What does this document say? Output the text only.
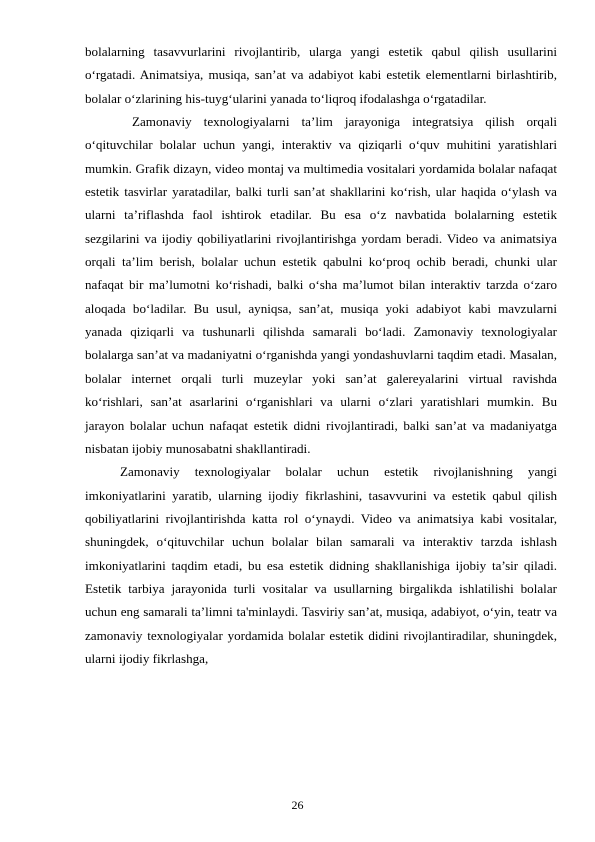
bolalarning tasavvurlarini rivojlantirib, ularga yangi estetik qabul qilish usullarini o‘rgatadi. Animatsiya, musiqa, san’at va adabiyot kabi estetik elementlarni birlashtirib, bolalar o‘zlarining his-tuyg‘ularini yanada to‘liqroq ifodalashga o‘rgatadilar.

Zamonaviy texnologiyalarni ta’lim jarayoniga integratsiya qilish orqali o‘qituvchilar bolalar uchun yangi, interaktiv va qiziqarli o‘quv muhitini yaratishlari mumkin. Grafik dizayn, video montaj va multimedia vositalari yordamida bolalar nafaqat estetik tasvirlar yaratadilar, balki turli san’at shakllarini ko‘rish, ular haqida o‘ylash va ularni ta’riflashda faol ishtirok etadilar. Bu esa o‘z navbatida bolalarning estetik sezgilarini va ijodiy qobiliyatlarini rivojlantirishga yordam beradi. Video va animatsiya orqali ta’lim berish, bolalar uchun estetik qabulni ko‘proq ochib beradi, chunki ular nafaqat bir ma’lumotni ko‘rishadi, balki o‘sha ma’lumot bilan interaktiv tarzda o‘zaro aloqada bo‘ladilar. Bu usul, ayniqsa, san’at, musiqa yoki adabiyot kabi mavzularni yanada qiziqarli va tushunarli qilishda samarali bo‘ladi. Zamonaviy texnologiyalar bolalarga san’at va madaniyatni o‘rganishda yangi yondashuvlarni taqdim etadi. Masalan, bolalar internet orqali turli muzeylar yoki san’at galereyalarini virtual ravishda ko‘rishlari, san’at asarlarini o‘rganishlari va ularni o‘zlari yaratishlari mumkin. Bu jarayon bolalar uchun nafaqat estetik didni rivojlantiradi, balki san’at va madaniyatga nisbatan ijobiy munosabatni shakllantiradi.

Zamonaviy texnologiyalar bolalar uchun estetik rivojlanishning yangi imkoniyatlarini yaratib, ularning ijodiy fikrlashini, tasavvurini va estetik qabul qilish qobiliyatlarini rivojlantirishda katta rol o‘ynaydi. Video va animatsiya kabi vositalar, shuningdek, o‘qituvchilar uchun bolalar bilan samarali va interaktiv tarzda ishlash imkoniyatlarini taqdim etadi, bu esa estetik didning shakllanishiga ijobiy ta’sir qiladi. Estetik tarbiya jarayonida turli vositalar va usullarning birgalikda ishlatilishi bolalar uchun eng samarali ta’limni ta'minlaydi. Tasviriy san’at, musiqa, adabiyot, o‘yin, teatr va zamonaviy texnologiyalar yordamida bolalar estetik didini rivojlantiradilar, shuningdek, ularni ijodiy fikrlashga,

26
